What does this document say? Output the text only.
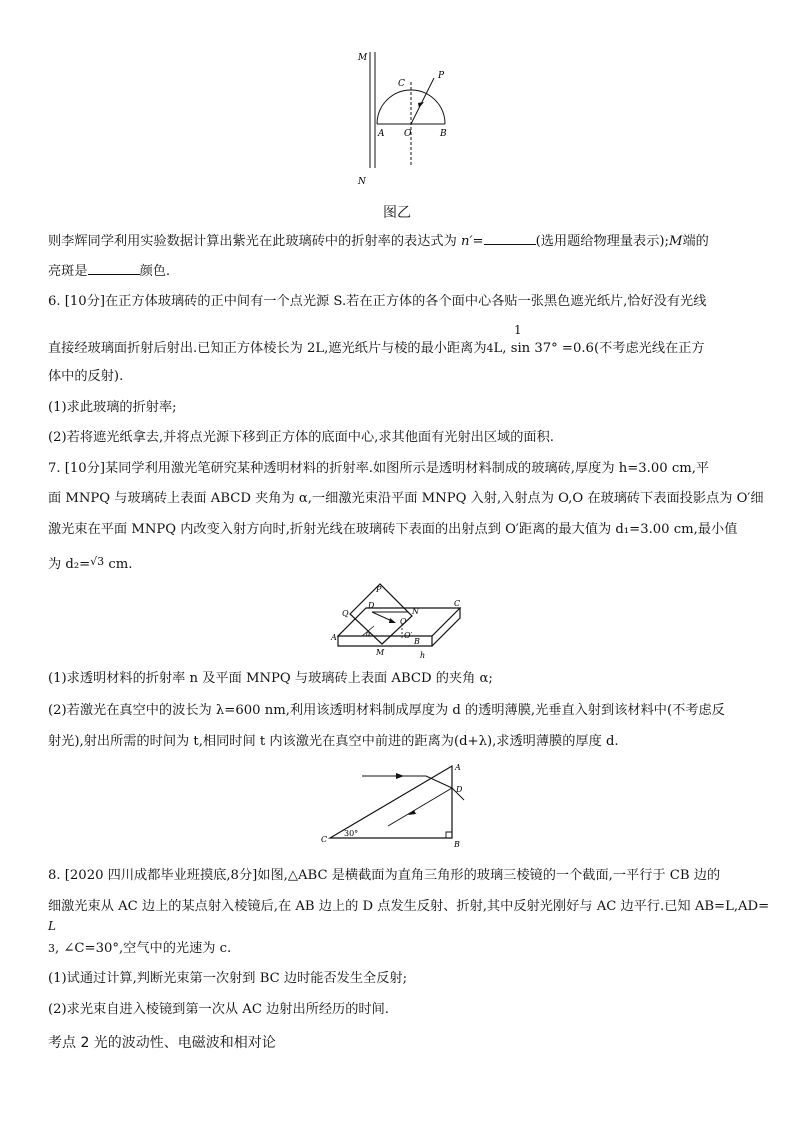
M
N
C
P
A O	B
图乙
则李辉同学利用实验数据计算出紫光在此玻璃砖中的折射率的表达式为 n′=	(选用题给物理量表示);M端的
亮斑是	颜色.
6. [10分]在正方体玻璃砖的正中间有一个点光源 S.若在正方体的各个面中心各贴一张黑色遮光纸片,恰好没有光线
1
直接经玻璃面折射后射出.已知正方体棱长为 2L,遮光纸片与棱的最小距离为4L, sin 37° =0.6(不考虑光线在正方
体中的反射).
(1)求此玻璃的折射率;
(2)若将遮光纸拿去,并将点光源下移到正方体的底面中心,求其他面有光射出区域的面积.
7. [10分]某同学利用激光笔研究某种透明材料的折射率.如图所示是透明材料制成的玻璃砖,厚度为 h=3.00 cm,平
面 MNPQ 与玻璃砖上表面 ABCD 夹角为 α,一细激光束沿平面 MNPQ 入射,入射点为 O,O 在玻璃砖下表面投影点为 O′细
激光束在平面 MNPQ 内改变入射方向时,折射光线在玻璃砖下表面的出射点到 O′距离的最大值为 d₁=3.00 cm,最小值
为 d₂=$^{√3}$ cm.
P
Q
D
N
C
A	α
O
O′
B
M	h
(1)求透明材料的折射率 n 及平面 MNPQ 与玻璃砖上表面 ABCD 的夹角 α;
(2)若激光在真空中的波长为 λ=600 nm,利用该透明材料制成厚度为 d 的透明薄膜,光垂直入射到该材料中(不考虑反
射光),射出所需的时间为 t,相同时间 t 内该激光在真空中前进的距离为(d+λ),求透明薄膜的厚度 d.
A
D
C
B
30°
8. [2020 四川成都毕业班摸底,8分]如图,△ABC 是横截面为直角三角形的玻璃三棱镜的一个截面,一平行于 CB 边的
细激光束从 AC 边上的某点射入棱镜后,在 AB 边上的 D 点发生反射、折射,其中反射光刚好与 AC 边平行.已知 AB=L,AD=
L
3, ∠C=30°,空气中的光速为 c.
(1)试通过计算,判断光束第一次射到 BC 边时能否发生全反射;
(2)求光束自进入棱镜到第一次从 AC 边射出所经历的时间.
考点 2 光的波动性、电磁波和相对论
